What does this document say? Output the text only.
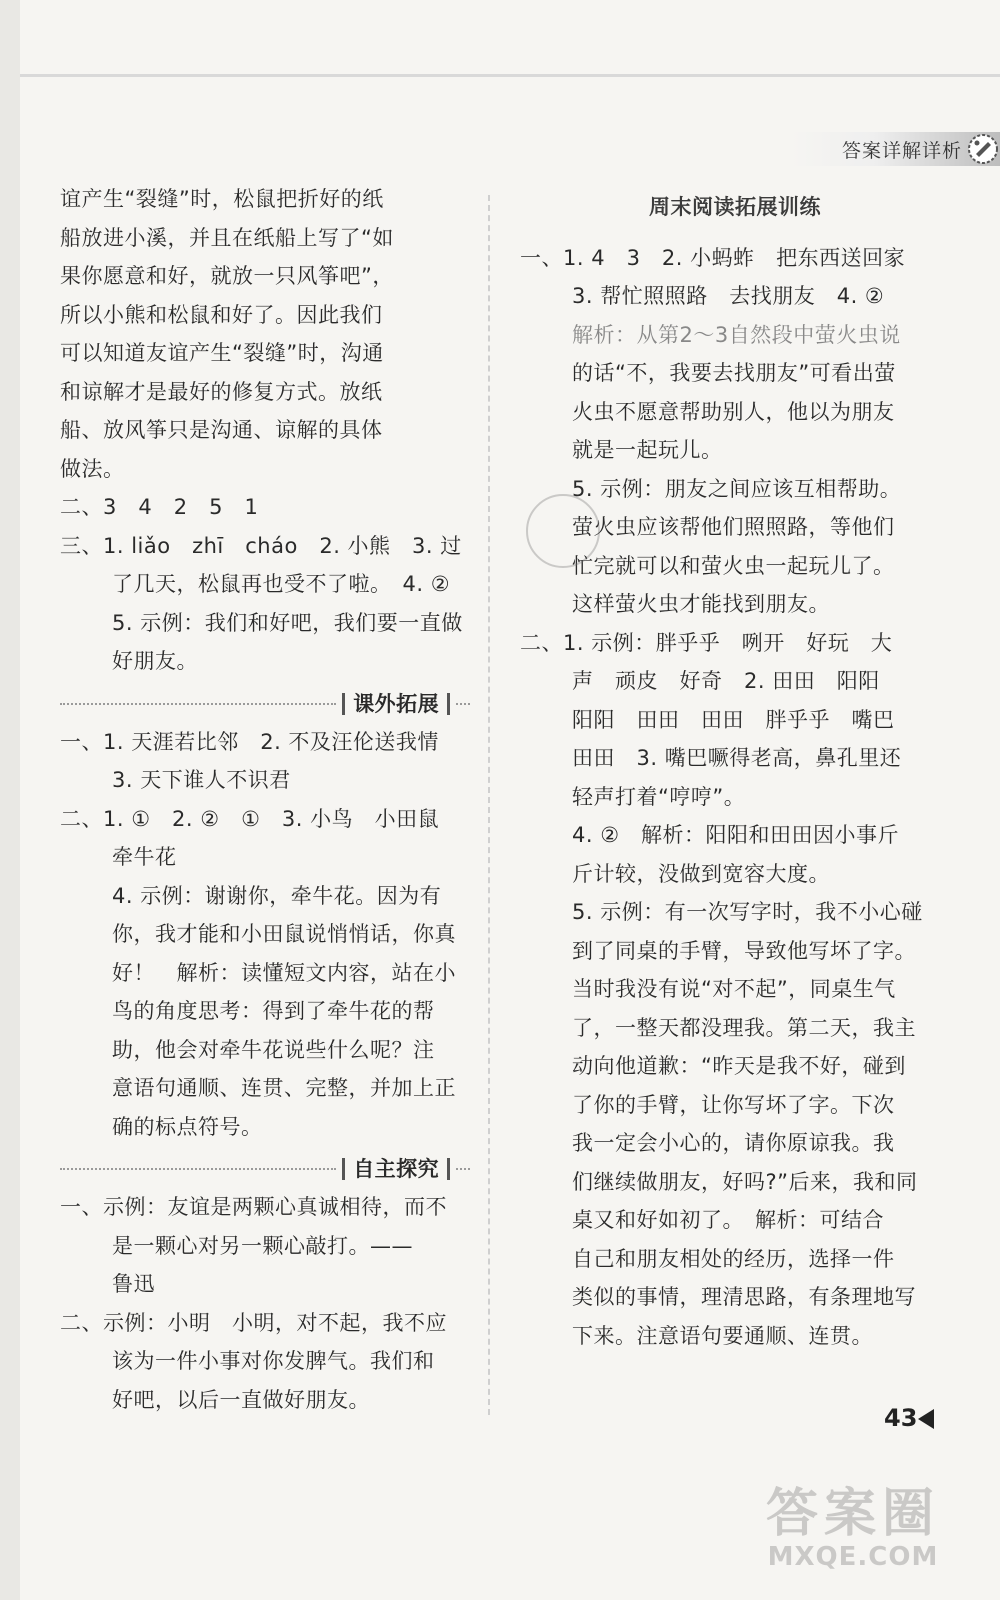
答案详解详析

谊产生“裂缝”时，松鼠把折好的纸

船放进小溪，并且在纸船上写了“如

果你愿意和好，就放一只风筝吧”，

所以小熊和松鼠和好了。因此我们

可以知道友谊产生“裂缝”时，沟通

和谅解才是最好的修复方式。放纸

船、放风筝只是沟通、谅解的具体

做法。

二、3　4　2　5　1

三、1. liǎo　zhī　cháo　2. 小熊　3. 过

了几天，松鼠再也受不了啦。　4. ②

5. 示例：我们和好吧，我们要一直做

好朋友。

课外拓展

一、1. 天涯若比邻　2. 不及汪伦送我情

3. 天下谁人不识君

二、1. ①　2. ②　①　3. 小鸟　小田鼠

牵牛花

4. 示例：谢谢你，牵牛花。因为有

你，我才能和小田鼠说悄悄话，你真

好！　解析：读懂短文内容，站在小

鸟的角度思考：得到了牵牛花的帮

助，他会对牵牛花说些什么呢？注

意语句通顺、连贯、完整，并加上正

确的标点符号。

自主探究

一、示例：友谊是两颗心真诚相待，而不

是一颗心对另一颗心敲打。——

鲁迅

二、示例：小明　小明，对不起，我不应

该为一件小事对你发脾气。我们和

好吧，以后一直做好朋友。

周末阅读拓展训练

一、1. 4　3　2. 小蚂蚱　把东西送回家

3. 帮忙照照路　去找朋友　4. ②

解析：从第2～3自然段中萤火虫说

的话“不，我要去找朋友”可看出萤

火虫不愿意帮助别人，他以为朋友

就是一起玩儿。

5. 示例：朋友之间应该互相帮助。

萤火虫应该帮他们照照路，等他们

忙完就可以和萤火虫一起玩儿了。

这样萤火虫才能找到朋友。

二、1. 示例：胖乎乎　咧开　好玩　大

声　顽皮　好奇　2. 田田　阳阳

阳阳　田田　田田　胖乎乎　嘴巴

田田　3. 嘴巴噘得老高，鼻孔里还

轻声打着“哼哼”。

4. ②　解析：阳阳和田田因小事斤

斤计较，没做到宽容大度。

5. 示例：有一次写字时，我不小心碰

到了同桌的手臂，导致他写坏了字。

当时我没有说“对不起”，同桌生气

了，一整天都没理我。第二天，我主

动向他道歉：“昨天是我不好，碰到

了你的手臂，让你写坏了字。下次

我一定会小心的，请你原谅我。我

们继续做朋友，好吗?”后来，我和同

桌又和好如初了。　解析：可结合

自己和朋友相处的经历，选择一件

类似的事情，理清思路，有条理地写

下来。注意语句要通顺、连贯。

43
答案圈
MXQE.COM
